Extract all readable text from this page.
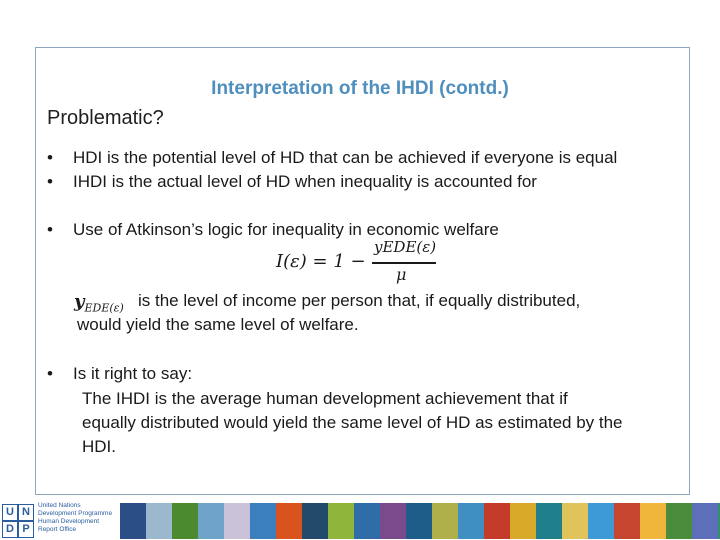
Interpretation of the IHDI (contd.)
Problematic?
• HDI is the potential level of HD that can be achieved if everyone is equal
• IHDI is the actual level of HD when inequality is accounted for
• Use of Atkinson’s logic for inequality in economic welfare
I(ε) = 1 −
yEDE(ε)
μ
$y_{EDE(\varepsilon)}$ is the level of income per person that, if equally distributed,
would yield the same level of welfare.
• Is it right to say:
The IHDI is the average human development achievement that if
equally distributed would yield the same level of HD as estimated by the
HDI.
U N
D P
United Nations
Development Programme
Human Development
Report Office
